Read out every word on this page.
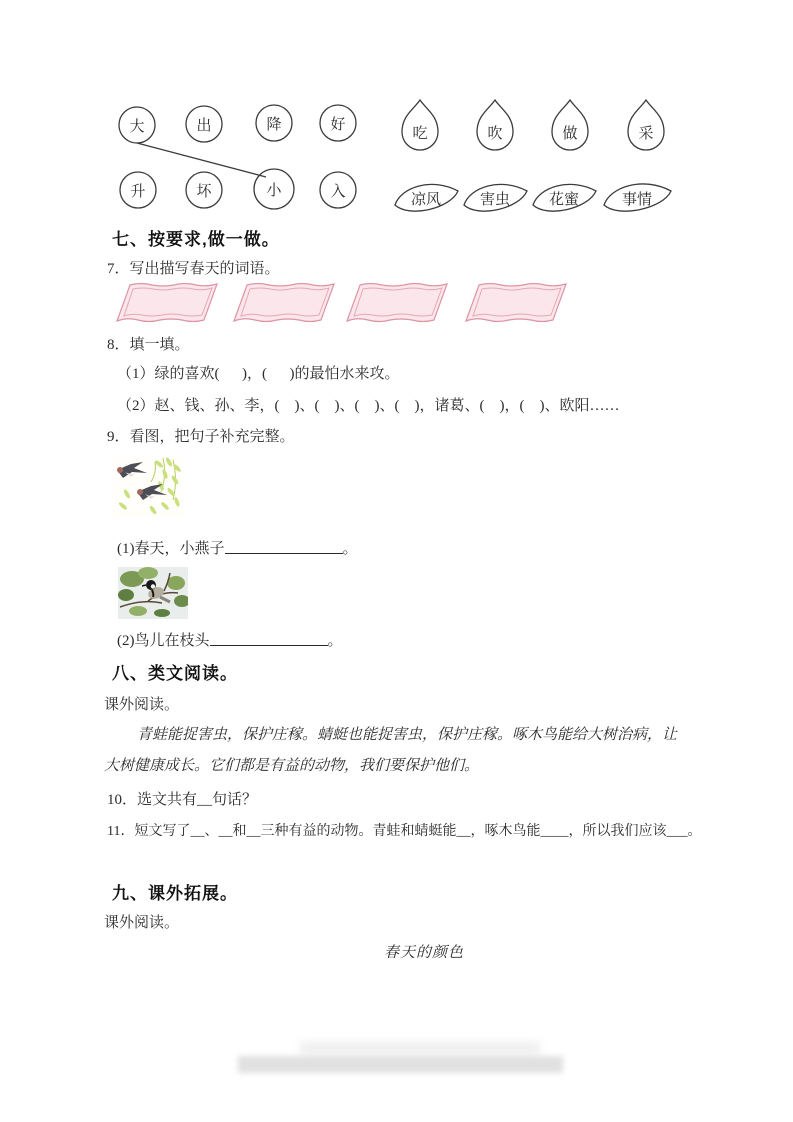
大	出	降	好
吃	吹	做	采
升	坏	小	入	凉风	害虫	花蜜	事情
七、按要求,做一做。
7．写出描写春天的词语。
8．填一填。
（1）绿的喜欢(      )，(      )的最怕水来攻。
（2）赵、钱、孙、李，(    )、(    )、(    )、(    )，诸葛、(    )，(    )、欧阳……
9．看图，把句子补充完整。
(1)春天，小燕子	。
(2)鸟儿在枝头	。
八、类文阅读。
课外阅读。
青蛙能捉害虫，保护庄稼。蜻蜓也能捉害虫，保护庄稼。啄木鸟能给大树治病，让大树健康成长。它们都是有益的动物，我们要保护他们。
10．选文共有__句话？
11．短文写了__、__和__三种有益的动物。青蛙和蜻蜓能__，啄木鸟能____，所以我们应该___。
九、课外拓展。
课外阅读。
春天的颜色
